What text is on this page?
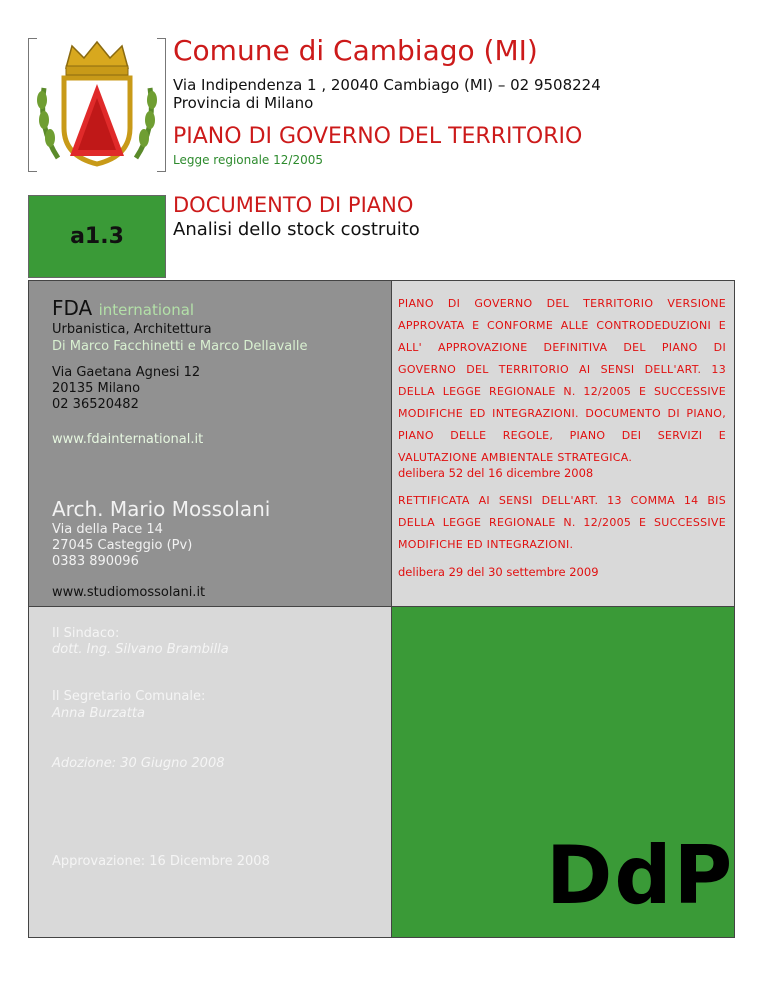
Comune di Cambiago (MI)
Via Indipendenza 1 , 20040 Cambiago (MI) – 02 9508224
Provincia di Milano
PIANO DI GOVERNO DEL TERRITORIO
Legge regionale 12/2005
a1.3
DOCUMENTO DI PIANO
Analisi dello stock costruito
FDA international
Urbanistica, Architettura
Di Marco Facchinetti e Marco Dellavalle
Via Gaetana Agnesi 12
20135 Milano
02 36520482
www.fdainternational.it
Arch. Mario Mossolani
Via della Pace 14
27045 Casteggio (Pv)
0383 890096
www.studiomossolani.it
PIANO DI GOVERNO DEL TERRITORIO VERSIONE APPROVATA E CONFORME ALLE CONTRODEDUZIONI E ALL' APPROVAZIONE DEFINITIVA DEL PIANO DI GOVERNO DEL TERRITORIO AI SENSI DELL'ART. 13 DELLA LEGGE REGIONALE N. 12/2005 E SUCCESSIVE MODIFICHE ED INTEGRAZIONI. DOCUMENTO DI PIANO, PIANO DELLE REGOLE, PIANO DEI SERVIZI E VALUTAZIONE AMBIENTALE STRATEGICA.
delibera 52 del 16 dicembre 2008
RETTIFICATA AI SENSI DELL'ART. 13 COMMA 14 BIS DELLA LEGGE REGIONALE N. 12/2005 E SUCCESSIVE MODIFICHE ED INTEGRAZIONI.
delibera 29 del 30 settembre 2009
Il Sindaco:
dott. Ing. Silvano Brambilla
Il Segretario Comunale:
Anna Burzatta
Adozione: 30 Giugno 2008
Approvazione: 16 Dicembre 2008	DdP
